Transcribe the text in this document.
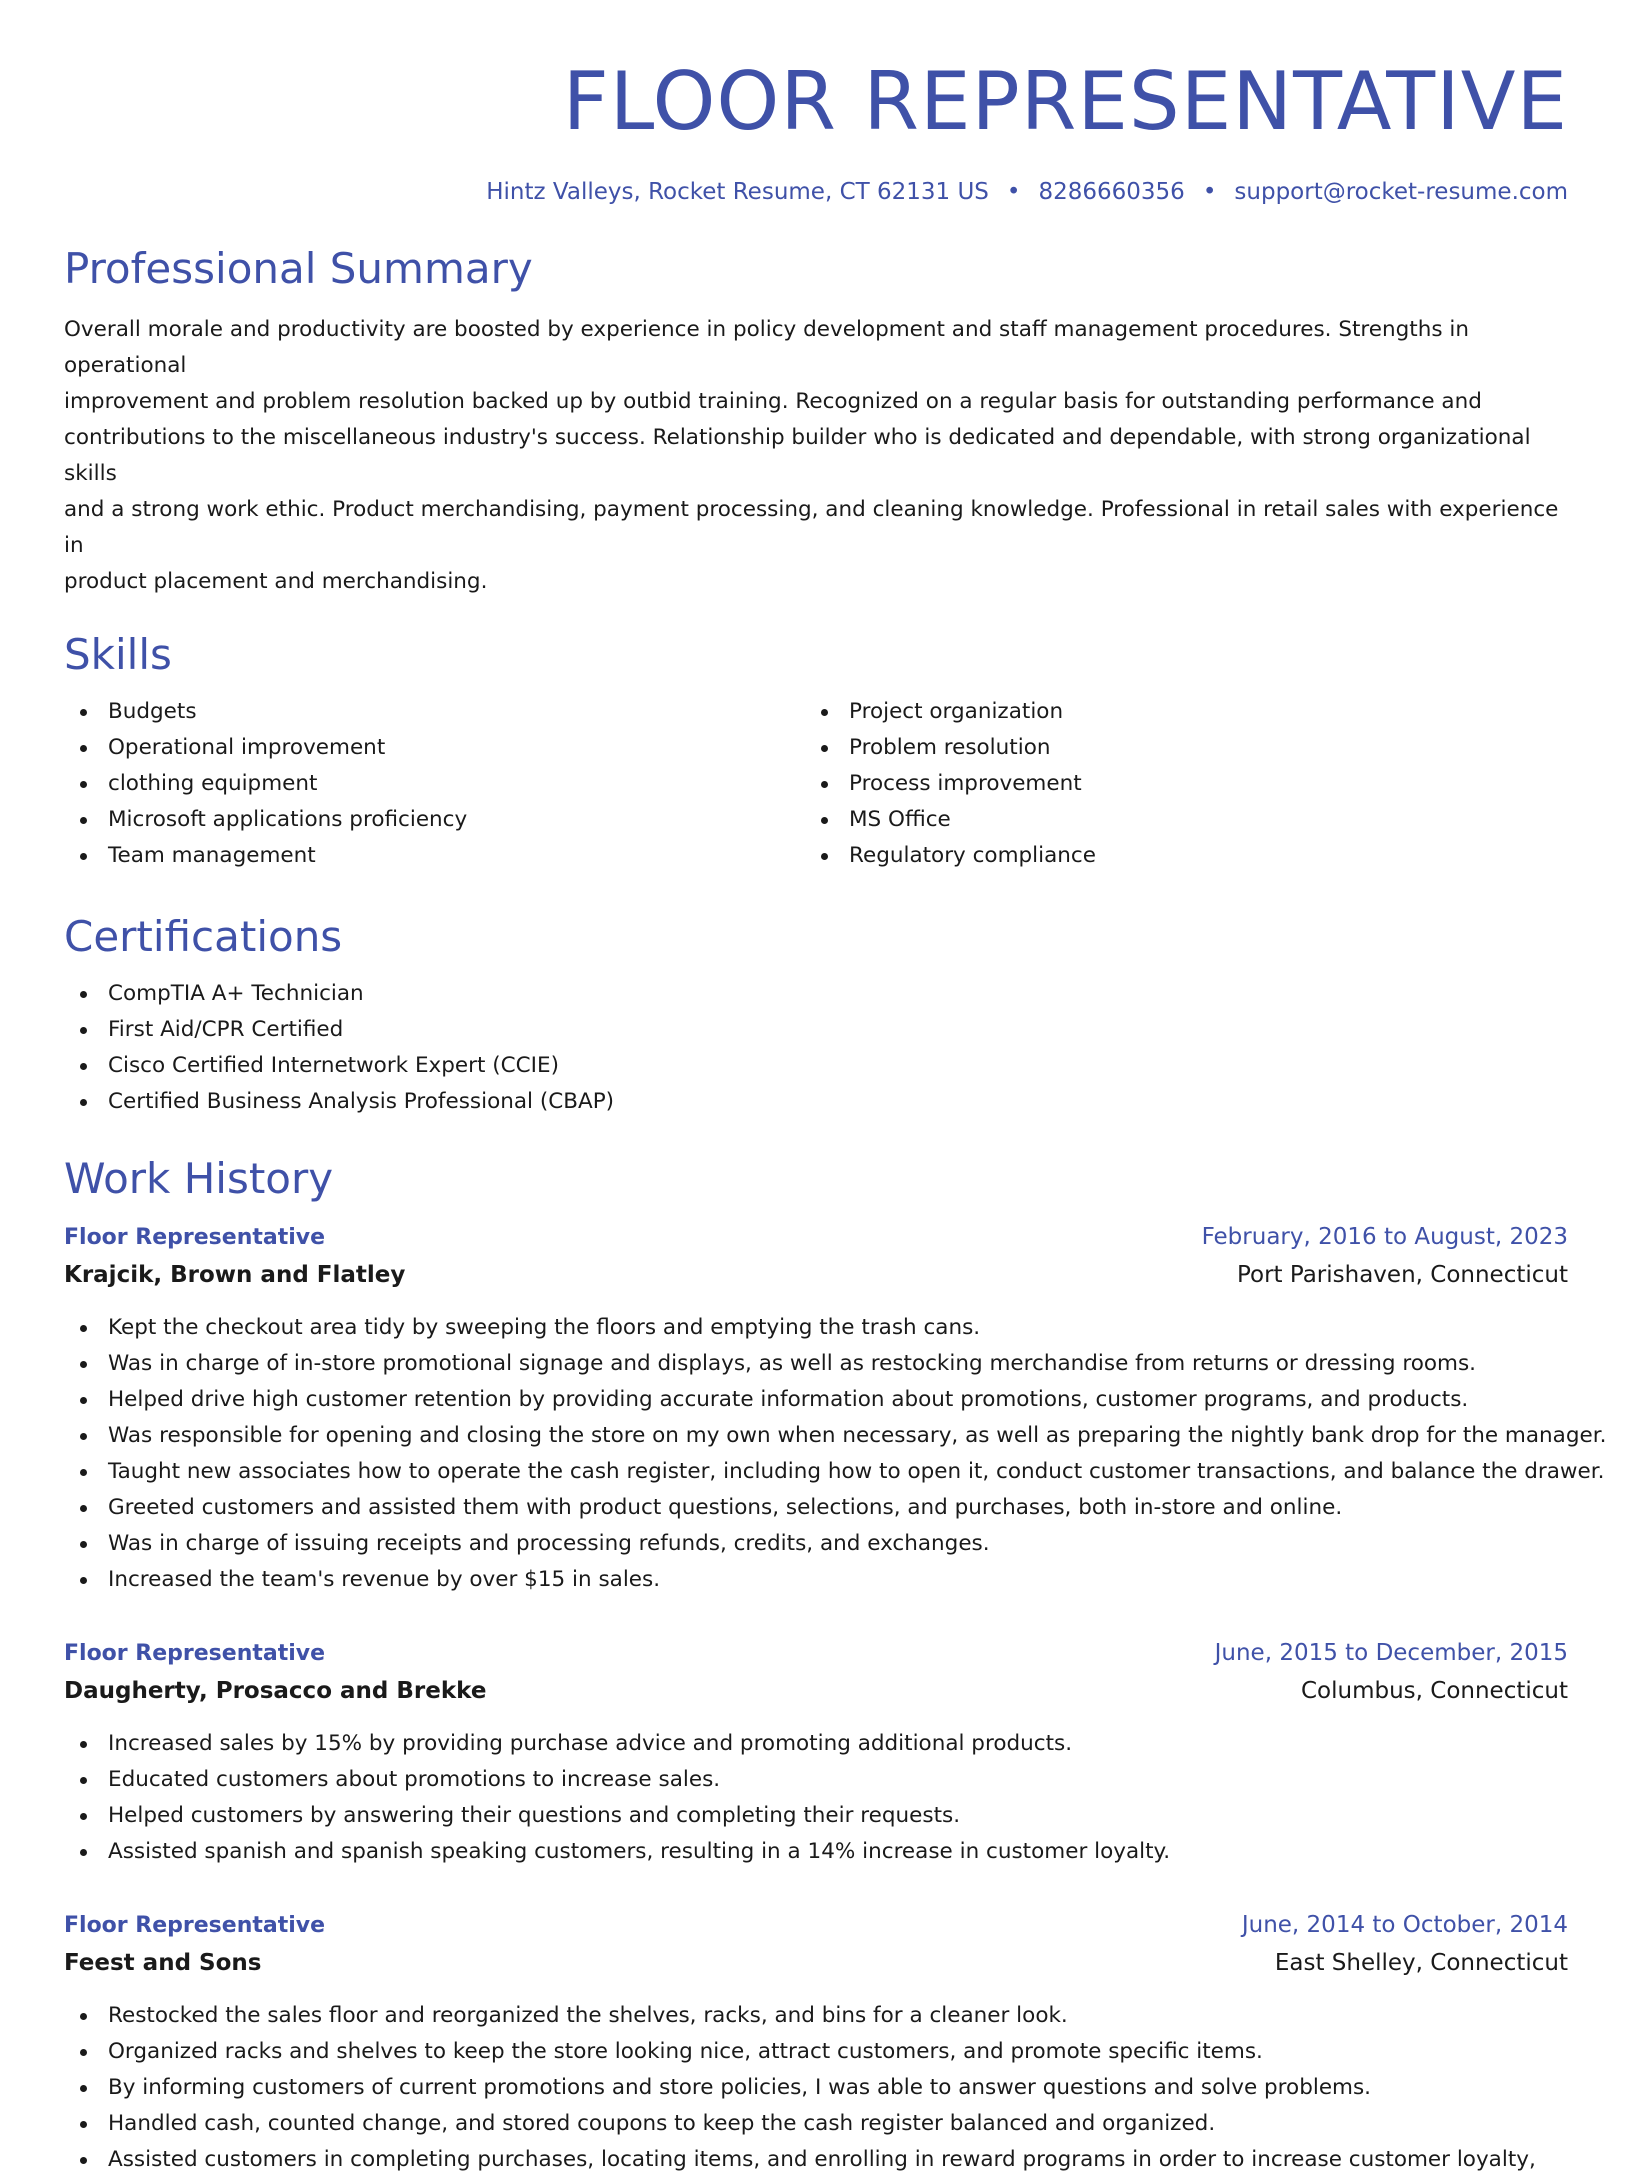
FLOOR REPRESENTATIVE
Hintz Valleys, Rocket Resume, CT 62131 US • 8286660356 • support@rocket-resume.com
Professional Summary
Overall morale and productivity are boosted by experience in policy development and staff management procedures. Strengths in operational
improvement and problem resolution backed up by outbid training. Recognized on a regular basis for outstanding performance and
contributions to the miscellaneous industry's success. Relationship builder who is dedicated and dependable, with strong organizational skills
and a strong work ethic. Product merchandising, payment processing, and cleaning knowledge. Professional in retail sales with experience in
product placement and merchandising.
Skills
Budgets
Operational improvement
clothing equipment
Microsoft applications proficiency
Team management
Project organization
Problem resolution
Process improvement
MS Office
Regulatory compliance
Certifications
CompTIA A+ Technician
First Aid/CPR Certified
Cisco Certified Internetwork Expert (CCIE)
Certified Business Analysis Professional (CBAP)
Work History
Floor Representative	February, 2016 to August, 2023
Krajcik, Brown and Flatley	Port Parishaven, Connecticut
Kept the checkout area tidy by sweeping the floors and emptying the trash cans.
Was in charge of in-store promotional signage and displays, as well as restocking merchandise from returns or dressing rooms.
Helped drive high customer retention by providing accurate information about promotions, customer programs, and products.
Was responsible for opening and closing the store on my own when necessary, as well as preparing the nightly bank drop for the manager.
Taught new associates how to operate the cash register, including how to open it, conduct customer transactions, and balance the drawer.
Greeted customers and assisted them with product questions, selections, and purchases, both in-store and online.
Was in charge of issuing receipts and processing refunds, credits, and exchanges.
Increased the team's revenue by over $15 in sales.
Floor Representative	June, 2015 to December, 2015
Daugherty, Prosacco and Brekke	Columbus, Connecticut
Increased sales by 15% by providing purchase advice and promoting additional products.
Educated customers about promotions to increase sales.
Helped customers by answering their questions and completing their requests.
Assisted spanish and spanish speaking customers, resulting in a 14% increase in customer loyalty.
Floor Representative	June, 2014 to October, 2014
Feest and Sons	East Shelley, Connecticut
Restocked the sales floor and reorganized the shelves, racks, and bins for a cleaner look.
Organized racks and shelves to keep the store looking nice, attract customers, and promote specific items.
By informing customers of current promotions and store policies, I was able to answer questions and solve problems.
Handled cash, counted change, and stored coupons to keep the cash register balanced and organized.
Assisted customers in completing purchases, locating items, and enrolling in reward programs in order to increase customer loyalty,
